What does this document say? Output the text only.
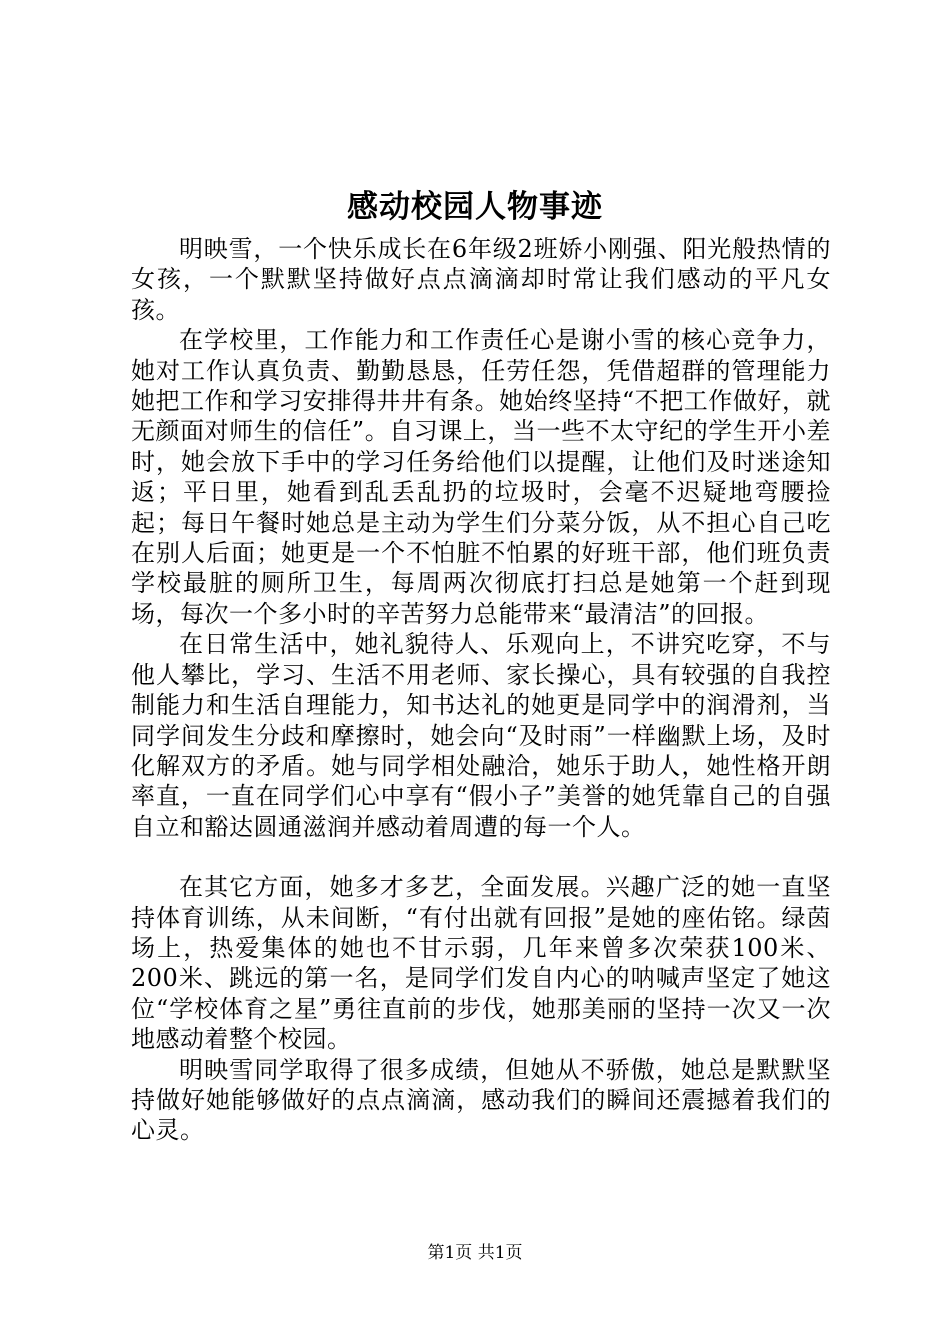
感动校园人物事迹

明映雪，一个快乐成长在6年级2班娇小刚强、阳光般热情的女孩，一个默默坚持做好点点滴滴却时常让我们感动的平凡女孩。

在学校里，工作能力和工作责任心是谢小雪的核心竞争力，她对工作认真负责、勤勤恳恳，任劳任怨，凭借超群的管理能力她把工作和学习安排得井井有条。她始终坚持“不把工作做好，就无颜面对师生的信任”。自习课上，当一些不太守纪的学生开小差时，她会放下手中的学习任务给他们以提醒，让他们及时迷途知返；平日里，她看到乱丢乱扔的垃圾时，会毫不迟疑地弯腰捡起；每日午餐时她总是主动为学生们分菜分饭，从不担心自己吃在别人后面；她更是一个不怕脏不怕累的好班干部，他们班负责学校最脏的厕所卫生，每周两次彻底打扫总是她第一个赶到现场，每次一个多小时的辛苦努力总能带来“最清洁”的回报。

在日常生活中，她礼貌待人、乐观向上，不讲究吃穿，不与他人攀比，学习、生活不用老师、家长操心，具有较强的自我控制能力和生活自理能力，知书达礼的她更是同学中的润滑剂，当同学间发生分歧和摩擦时，她会向“及时雨”一样幽默上场，及时化解双方的矛盾。她与同学相处融洽，她乐于助人，她性格开朗率直，一直在同学们心中享有“假小子”美誉的她凭靠自己的自强自立和豁达圆通滋润并感动着周遭的每一个人。

在其它方面，她多才多艺，全面发展。兴趣广泛的她一直坚持体育训练，从未间断，“有付出就有回报”是她的座佑铭。绿茵场上，热爱集体的她也不甘示弱，几年来曾多次荣获100米、200米、跳远的第一名，是同学们发自内心的呐喊声坚定了她这位“学校体育之星”勇往直前的步伐，她那美丽的坚持一次又一次地感动着整个校园。

明映雪同学取得了很多成绩，但她从不骄傲，她总是默默坚持做好她能够做好的点点滴滴，感动我们的瞬间还震撼着我们的心灵。

第1页 共1页
